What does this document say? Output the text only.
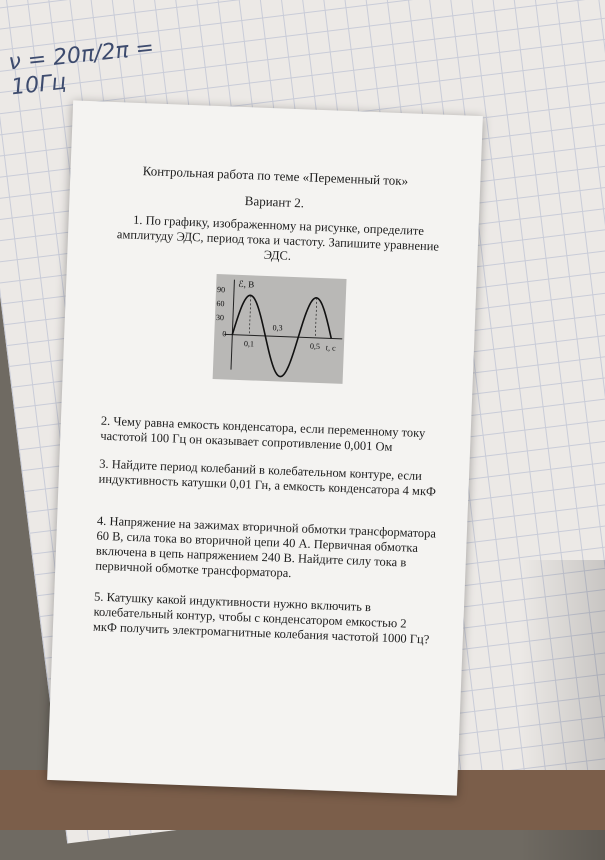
ν = 20π/2π = 10Гц
Контрольная работа по теме «Переменный ток»
Вариант 2.
1. По графику, изображенному на рисунке, определите амплитуду ЭДС, период тока и частоту. Запишите уравнение ЭДС.
ℰ, В
t, с
90
60
30
0
0,1
0,3
0,5
2. Чему равна емкость конденсатора, если переменному току частотой 100 Гц он оказывает сопротивление 0,001 Ом
3. Найдите период колебаний в колебательном контуре, если индуктивность катушки 0,01 Гн, а емкость конденсатора 4 мкФ
4. Напряжение на зажимах вторичной обмотки трансформатора 60 В, сила тока во вторичной цепи 40 А. Первичная обмотка включена в цепь напряжением 240 В. Найдите силу тока в первичной обмотке трансформатора.
5. Катушку какой индуктивности нужно включить в колебательный контур, чтобы с конденсатором емкостью 2 мкФ получить электромагнитные колебания частотой 1000 Гц?
